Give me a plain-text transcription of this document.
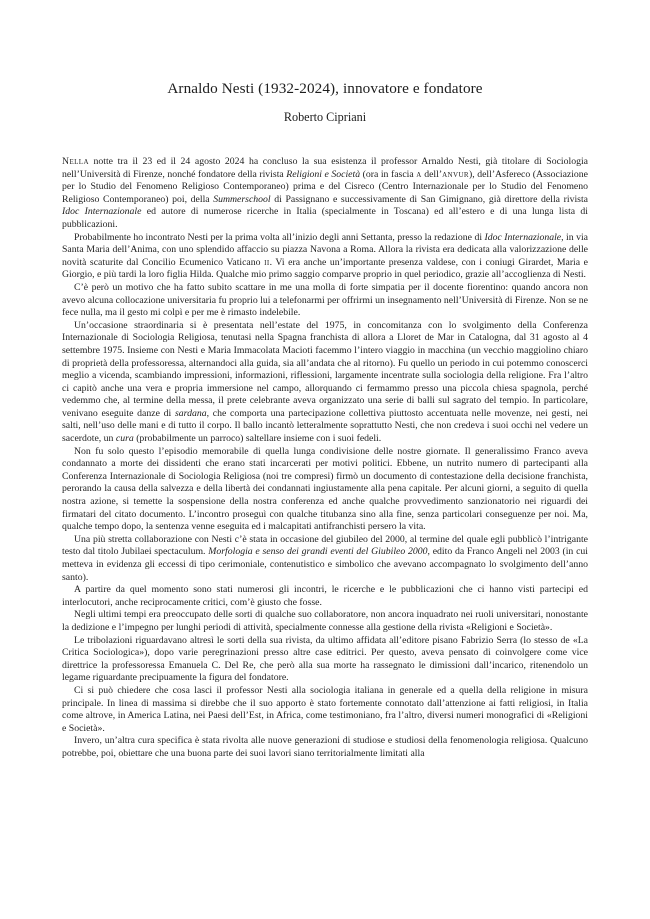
Arnaldo Nesti (1932-2024), innovatore e fondatore
Roberto Cipriani

Nella notte tra il 23 ed il 24 agosto 2024 ha concluso la sua esistenza il professor Arnaldo Nesti, già titolare di Sociologia nell’Università di Firenze, nonché fondatore della rivista Religioni e Società (ora in fascia a dell’anvur), dell’Asfereco (Associazione per lo Studio del Fenomeno Religioso Contemporaneo) prima e del Cisreco (Centro Internazionale per lo Studio del Fenomeno Religioso Contemporaneo) poi, della Summerschool di Passignano e successivamente di San Gimignano, già direttore della rivista Idoc Internazionale ed autore di numerose ricerche in Italia (specialmente in Toscana) ed all’estero e di una lunga lista di pubblicazioni.

Probabilmente ho incontrato Nesti per la prima volta all’inizio degli anni Settanta, presso la redazione di Idoc Internazionale, in via Santa Maria dell’Anima, con uno splendido affaccio su piazza Navona a Roma. Allora la rivista era dedicata alla valorizzazione delle novità scaturite dal Concilio Ecumenico Vaticano ii. Vi era anche un’importante presenza valdese, con i coniugi Girardet, Maria e Giorgio, e più tardi la loro figlia Hilda. Qualche mio primo saggio comparve proprio in quel periodico, grazie all’accoglienza di Nesti.

C’è però un motivo che ha fatto subito scattare in me una molla di forte simpatia per il docente fiorentino: quando ancora non avevo alcuna collocazione universitaria fu proprio lui a telefonarmi per offrirmi un insegnamento nell’Università di Firenze. Non se ne fece nulla, ma il gesto mi colpì e per me è rimasto indelebile.

Un’occasione straordinaria si è presentata nell’estate del 1975, in concomitanza con lo svolgimento della Conferenza Internazionale di Sociologia Religiosa, tenutasi nella Spagna franchista di allora a Lloret de Mar in Catalogna, dal 31 agosto al 4 settembre 1975. Insieme con Nesti e Maria Immacolata Macioti facemmo l’intero viaggio in macchina (un vecchio maggiolino chiaro di proprietà della professoressa, alternandoci alla guida, sia all’andata che al ritorno). Fu quello un periodo in cui potemmo conoscerci meglio a vicenda, scambiando impressioni, informazioni, riflessioni, largamente incentrate sulla sociologia della religione. Fra l’altro ci capitò anche una vera e propria immersione nel campo, allorquando ci fermammo presso una piccola chiesa spagnola, perché vedemmo che, al termine della messa, il prete celebrante aveva organizzato una serie di balli sul sagrato del tempio. In particolare, venivano eseguite danze di sardana, che comporta una partecipazione collettiva piuttosto accentuata nelle movenze, nei gesti, nei salti, nell’uso delle mani e di tutto il corpo. Il ballo incantò letteralmente soprattutto Nesti, che non credeva i suoi occhi nel vedere un sacerdote, un cura (probabilmente un parroco) saltellare insieme con i suoi fedeli.

Non fu solo questo l’episodio memorabile di quella lunga condivisione delle nostre giornate. Il generalissimo Franco aveva condannato a morte dei dissidenti che erano stati incarcerati per motivi politici. Ebbene, un nutrito numero di partecipanti alla Conferenza Internazionale di Sociologia Religiosa (noi tre compresi) firmò un documento di contestazione della decisione franchista, perorando la causa della salvezza e della libertà dei condannati ingiustamente alla pena capitale. Per alcuni giorni, a seguito di quella nostra azione, si temette la sospensione della nostra conferenza ed anche qualche provvedimento sanzionatorio nei riguardi dei firmatari del citato documento. L’incontro proseguì con qualche titubanza sino alla fine, senza particolari conseguenze per noi. Ma, qualche tempo dopo, la sentenza venne eseguita ed i malcapitati antifranchisti persero la vita.

Una più stretta collaborazione con Nesti c’è stata in occasione del giubileo del 2000, al termine del quale egli pubblicò l’intrigante testo dal titolo Jubilaei spectaculum. Morfologia e senso dei grandi eventi del Giubileo 2000, edito da Franco Angeli nel 2003 (in cui metteva in evidenza gli eccessi di tipo cerimoniale, contenutistico e simbolico che avevano accompagnato lo svolgimento dell’anno santo).

A partire da quel momento sono stati numerosi gli incontri, le ricerche e le pubblicazioni che ci hanno visti partecipi ed interlocutori, anche reciprocamente critici, com’è giusto che fosse.

Negli ultimi tempi era preoccupato delle sorti di qualche suo collaboratore, non ancora inquadrato nei ruoli universitari, nonostante la dedizione e l’impegno per lunghi periodi di attività, specialmente connesse alla gestione della rivista «Religioni e Società».

Le tribolazioni riguardavano altresì le sorti della sua rivista, da ultimo affidata all’editore pisano Fabrizio Serra (lo stesso de «La Critica Sociologica»), dopo varie peregrinazioni presso altre case editrici. Per questo, aveva pensato di coinvolgere come vice direttrice la professoressa Emanuela C. Del Re, che però alla sua morte ha rassegnato le dimissioni dall’incarico, ritenendolo un legame riguardante precipuamente la figura del fondatore.

Ci si può chiedere che cosa lasci il professor Nesti alla sociologia italiana in generale ed a quella della religione in misura principale. In linea di massima si direbbe che il suo apporto è stato fortemente connotato dall’attenzione ai fatti religiosi, in Italia come altrove, in America Latina, nei Paesi dell’Est, in Africa, come testimoniano, fra l’altro, diversi numeri monografici di «Religioni e Società».

Invero, un’altra cura specifica è stata rivolta alle nuove generazioni di studiose e studiosi della fenomenologia religiosa. Qualcuno potrebbe, poi, obiettare che una buona parte dei suoi lavori siano territorialmente limitati alla
